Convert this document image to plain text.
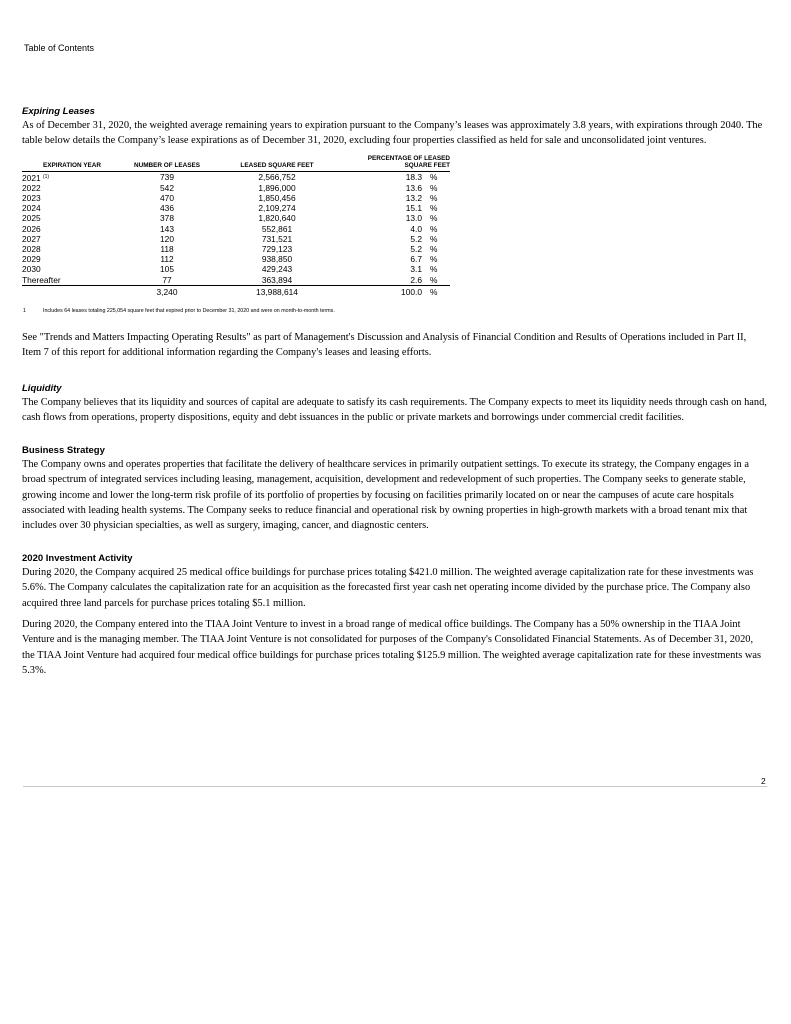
Table of Contents
Expiring Leases

As of December 31, 2020, the weighted average remaining years to expiration pursuant to the Company’s leases was approximately 3.8 years, with expirations through 2040. The table below details the Company’s lease expirations as of December 31, 2020, excluding four properties classified as held for sale and unconsolidated joint ventures.

EXPIRATION YEAR	NUMBER OF LEASES	LEASED SQUARE FEET	PERCENTAGE OF LEASED SQUARE FEET	
2021 $^{(1)}$	739	2,566,752	18.3	%
2022	542	1,896,000	13.6	%
2023	470	1,850,456	13.2	%
2024	436	2,109,274	15.1	%
2025	378	1,820,640	13.0	%
2026	143	552,861	4.0	%
2027	120	731,521	5.2	%
2028	118	729,123	5.2	%
2029	112	938,850	6.7	%
2030	105	429,243	3.1	%
Thereafter	77	363,894	2.6	%
	3,240	13,988,614	100.0	%
1	Includes 64 leases totaling 225,054 square feet that expired prior to December 31, 2020 and were on month-to-month terms.

See "Trends and Matters Impacting Operating Results" as part of Management's Discussion and Analysis of Financial Condition and Results of Operations included in Part II, Item 7 of this report for additional information regarding the Company's leases and leasing efforts.

Liquidity

The Company believes that its liquidity and sources of capital are adequate to satisfy its cash requirements. The Company expects to meet its liquidity needs through cash on hand, cash flows from operations, property dispositions, equity and debt issuances in the public or private markets and borrowings under commercial credit facilities.

Business Strategy

The Company owns and operates properties that facilitate the delivery of healthcare services in primarily outpatient settings. To execute its strategy, the Company engages in a broad spectrum of integrated services including leasing, management, acquisition, development and redevelopment of such properties. The Company seeks to generate stable, growing income and lower the long-term risk profile of its portfolio of properties by focusing on facilities primarily located on or near the campuses of acute care hospitals associated with leading health systems. The Company seeks to reduce financial and operational risk by owning properties in high-growth markets with a broad tenant mix that includes over 30 physician specialties, as well as surgery, imaging, cancer, and diagnostic centers.

2020 Investment Activity

During 2020, the Company acquired 25 medical office buildings for purchase prices totaling $421.0 million. The weighted average capitalization rate for these investments was 5.6%. The Company calculates the capitalization rate for an acquisition as the forecasted first year cash net operating income divided by the purchase price. The Company also acquired three land parcels for purchase prices totaling $5.1 million.

During 2020, the Company entered into the TIAA Joint Venture to invest in a broad range of medical office buildings. The Company has a 50% ownership in the TIAA Joint Venture and is the managing member. The TIAA Joint Venture is not consolidated for purposes of the Company's Consolidated Financial Statements. As of December 31, 2020, the TIAA Joint Venture had acquired four medical office buildings for purchase prices totaling $125.9 million. The weighted average capitalization rate for these investments was 5.3%.

2
